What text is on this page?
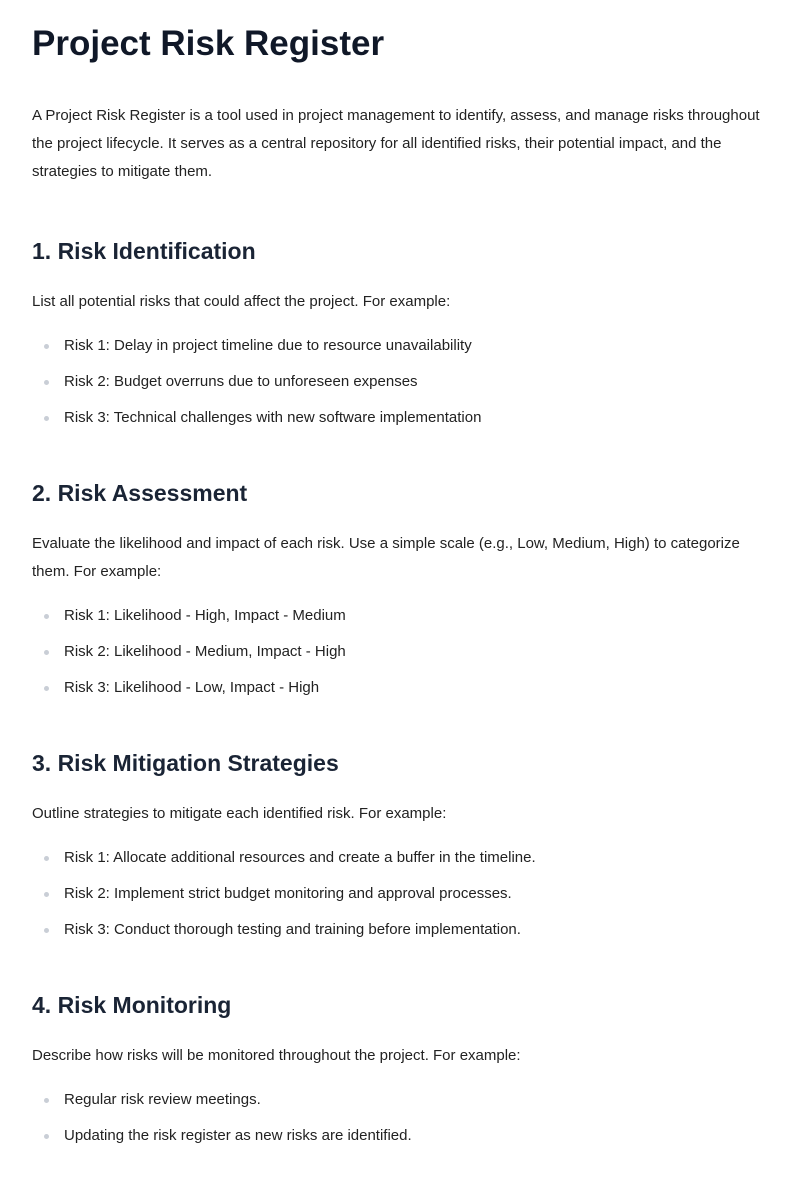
Project Risk Register

A Project Risk Register is a tool used in project management to identify, assess, and manage risks throughout the project lifecycle. It serves as a central repository for all identified risks, their potential impact, and the strategies to mitigate them.

1. Risk Identification

List all potential risks that could affect the project. For example:

Risk 1: Delay in project timeline due to resource unavailability
Risk 2: Budget overruns due to unforeseen expenses
Risk 3: Technical challenges with new software implementation
2. Risk Assessment

Evaluate the likelihood and impact of each risk. Use a simple scale (e.g., Low, Medium, High) to categorize them. For example:

Risk 1: Likelihood - High, Impact - Medium
Risk 2: Likelihood - Medium, Impact - High
Risk 3: Likelihood - Low, Impact - High
3. Risk Mitigation Strategies

Outline strategies to mitigate each identified risk. For example:

Risk 1: Allocate additional resources and create a buffer in the timeline.
Risk 2: Implement strict budget monitoring and approval processes.
Risk 3: Conduct thorough testing and training before implementation.
4. Risk Monitoring

Describe how risks will be monitored throughout the project. For example:

Regular risk review meetings.
Updating the risk register as new risks are identified.
